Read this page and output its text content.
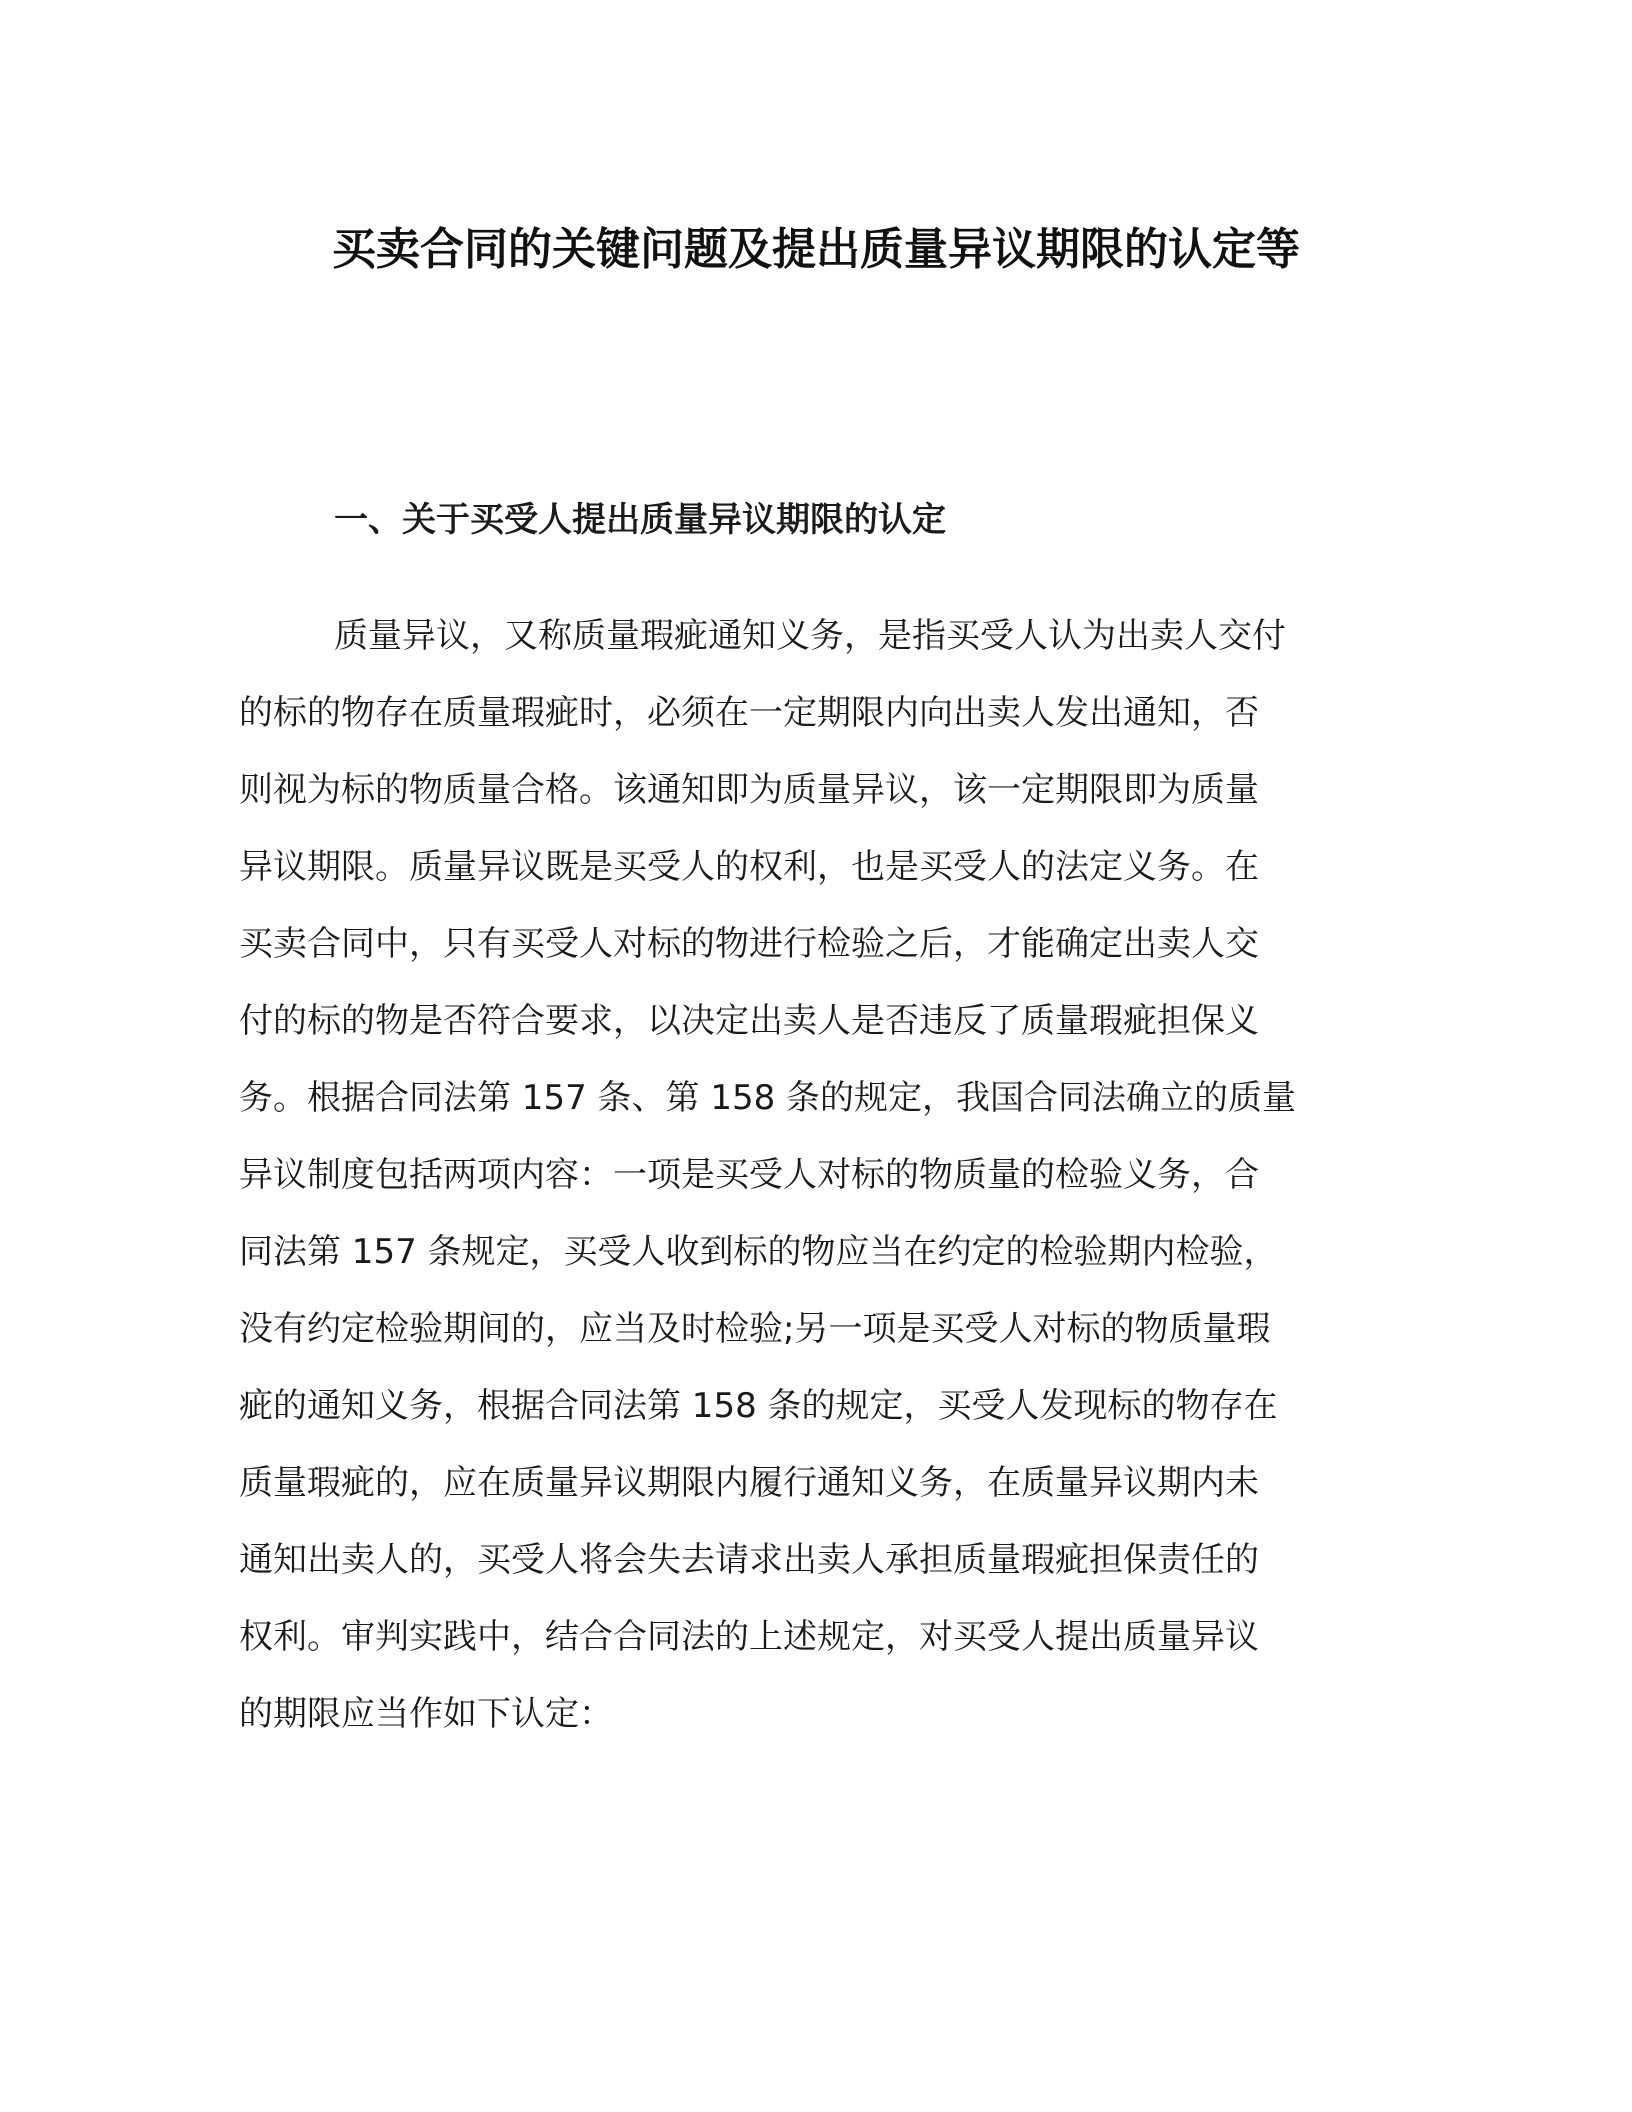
买卖合同的关键问题及提出质量异议期限的认定等
一、关于买受人提出质量异议期限的认定

质量异议，又称质量瑕疵通知义务，是指买受人认为出卖人交付
的标的物存在质量瑕疵时，必须在一定期限内向出卖人发出通知，否
则视为标的物质量合格。该通知即为质量异议，该一定期限即为质量
异议期限。质量异议既是买受人的权利，也是买受人的法定义务。在
买卖合同中，只有买受人对标的物进行检验之后，才能确定出卖人交
付的标的物是否符合要求，以决定出卖人是否违反了质量瑕疵担保义
务。根据合同法第 157 条、第 158 条的规定，我国合同法确立的质量
异议制度包括两项内容：一项是买受人对标的物质量的检验义务，合
同法第 157 条规定，买受人收到标的物应当在约定的检验期内检验，
没有约定检验期间的，应当及时检验;另一项是买受人对标的物质量瑕
疵的通知义务，根据合同法第 158 条的规定，买受人发现标的物存在
质量瑕疵的，应在质量异议期限内履行通知义务，在质量异议期内未
通知出卖人的，买受人将会失去请求出卖人承担质量瑕疵担保责任的
权利。审判实践中，结合合同法的上述规定，对买受人提出质量异议
的期限应当作如下认定：
